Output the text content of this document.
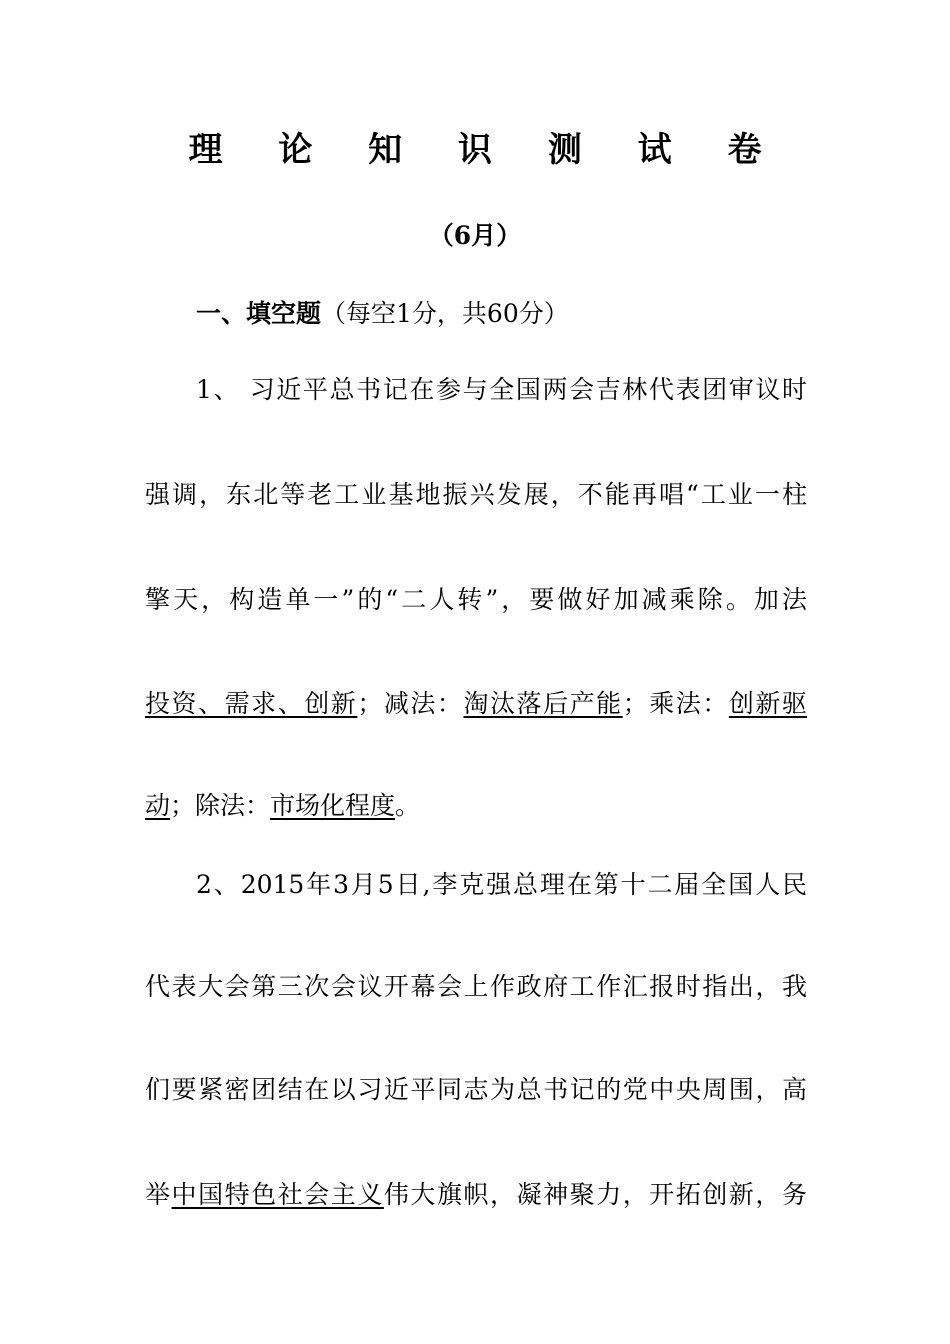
理 论 知 识 测 试 卷
（6月）
一、填空题（每空1分，共60分）
1、 习近平总书记在参与全国两会吉林代表团审议时
强调，东北等老工业基地振兴发展，不能再唱“工业一柱
擎天，构造单一”的“二人转”，要做好加减乘除。加法
投资、需求、创新；减法：淘汰落后产能；乘法：创新驱
动；除法：市场化程度。
2、2015年3月5日,李克强总理在第十二届全国人民
代表大会第三次会议开幕会上作政府工作汇报时指出，我
们要紧密团结在以习近平同志为总书记的党中央周围，高
举中国特色社会主义伟大旗帜，凝神聚力，开拓创新，务
